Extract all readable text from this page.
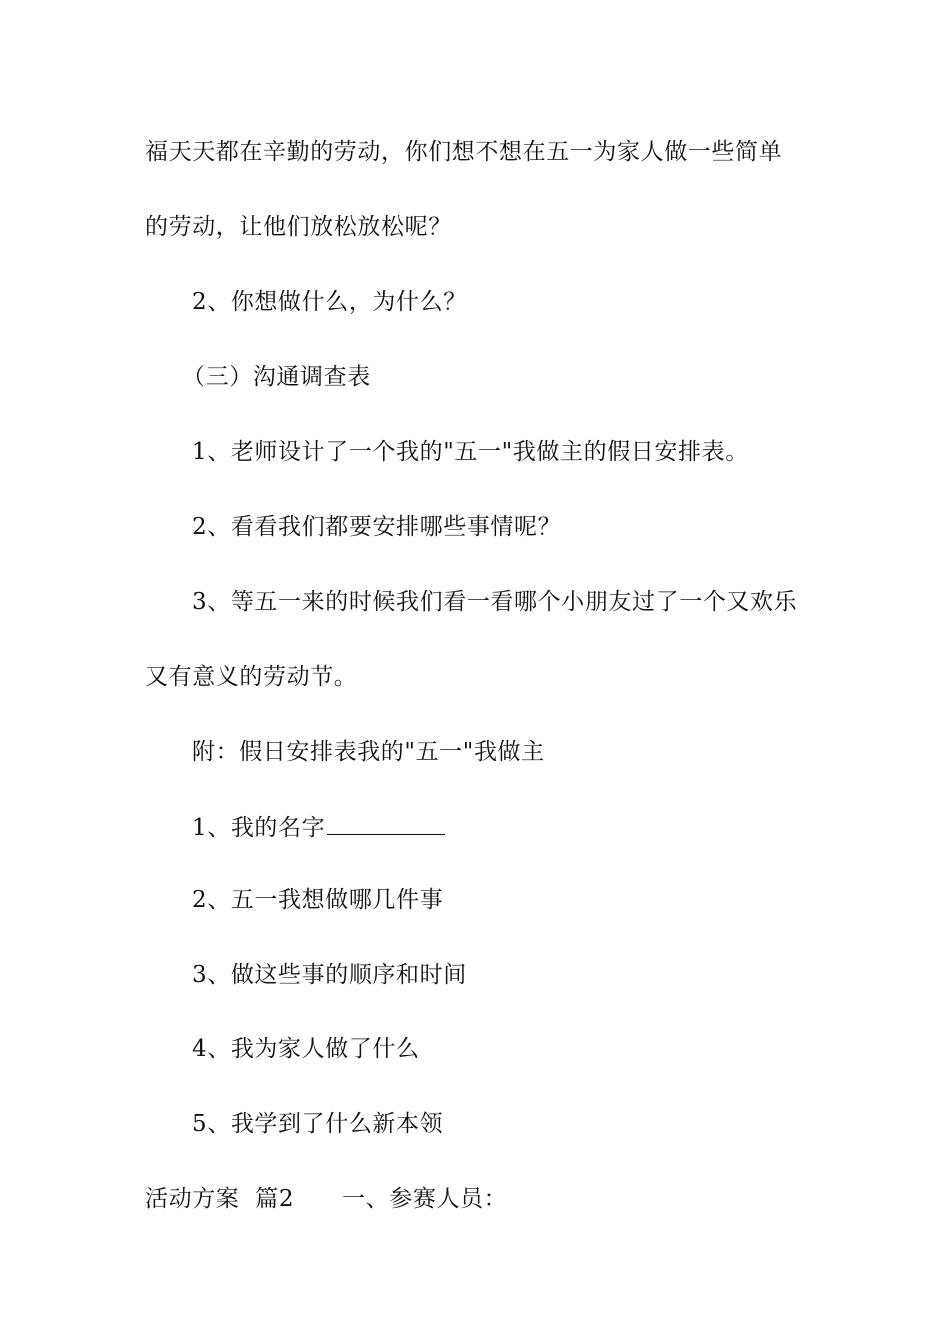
福天天都在辛勤的劳动，你们想不想在五一为家人做一些简单
的劳动，让他们放松放松呢？
2、你想做什么，为什么？
（三）沟通调查表
1、老师设计了一个我的"五一"我做主的假日安排表。
2、看看我们都要安排哪些事情呢？
3、等五一来的时候我们看一看哪个小朋友过了一个又欢乐
又有意义的劳动节。
附：假日安排表我的"五一"我做主
1、我的名字
2、五一我想做哪几件事
3、做这些事的顺序和时间
4、我为家人做了什么
5、我学到了什么新本领
活动方案  篇2 一、参赛人员：
